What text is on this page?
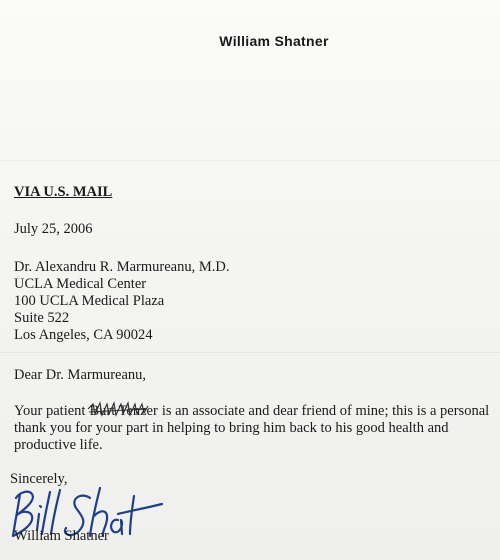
William Shatner
VIA U.S. MAIL
July 25, 2006
Dr. Alexandru R. Marmureanu, M.D.
UCLA Medical Center
100 UCLA Medical Plaza
Suite 522
Los Angeles, CA 90024
Dear Dr. Marmureanu,
Your patient Burt Tenzer is an associate and dear friend of mine; this is a personal thank you for your part in helping to bring him back to his good health and productive life.
Sincerely,
William Shatner
